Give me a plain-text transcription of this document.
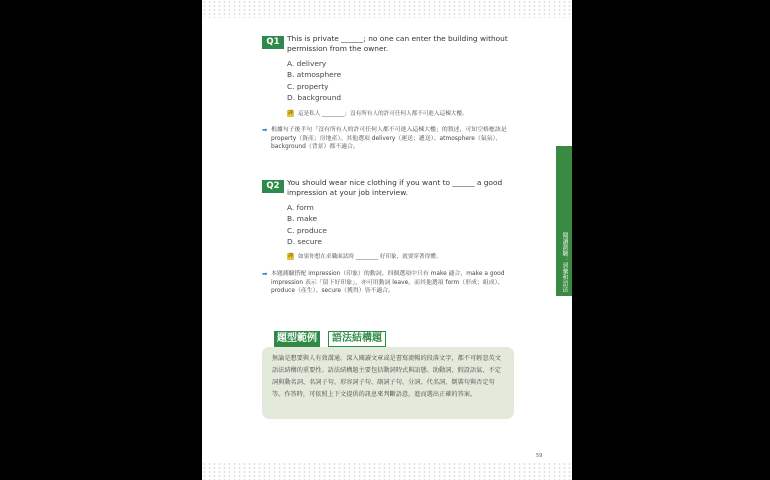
Q1	This is private ______; no one can enter the building without permission from the owner.
A. delivery
B. atmosphere
C. property
D. background
譯 這是私人 ________；沒有所有人的許可任何人都不可進入這棟大樓。
➡ 根據句子後半句「沒有所有人的許可任何人都不可進入這棟大樓」的敘述，可知空格應該是 property（資產；房地產）。其他選項 delivery（運送；遞送）、atmosphere（氣氛）、background（背景）都不適合。
Q2	You should wear nice clothing if you want to ______ a good impression at your job interview.
A. form
B. make
C. produce
D. secure
譯 如果你想在求職面試時 ________ 好印象，就要穿著得體。
➡ 本題測驗搭配 impression（印象）的動詞。四個選項中只有 make 適合，make a good impression 表示「留下好印象」，亦可用動詞 leave。而其他選項 form（形成；組成）、produce（產生）、secure（獲得）皆不適合。
題型範例	語法結構題
無論是想要與人有效溝通、深入閱讀文章或是書寫流暢的段落文字，都不可輕忽英文語法結構的重要性。語法結構題主要包括動詞時式與語態、助動詞、假設語氣、不定詞與動名詞、名詞子句、形容詞子句、副詞子句、分詞、代名詞、倒裝句與否定句等。作答時，可依照上下文提供的訊息來判斷語意，進而選出正確的答案。
59
閱讀測驗：詞彙和語法
